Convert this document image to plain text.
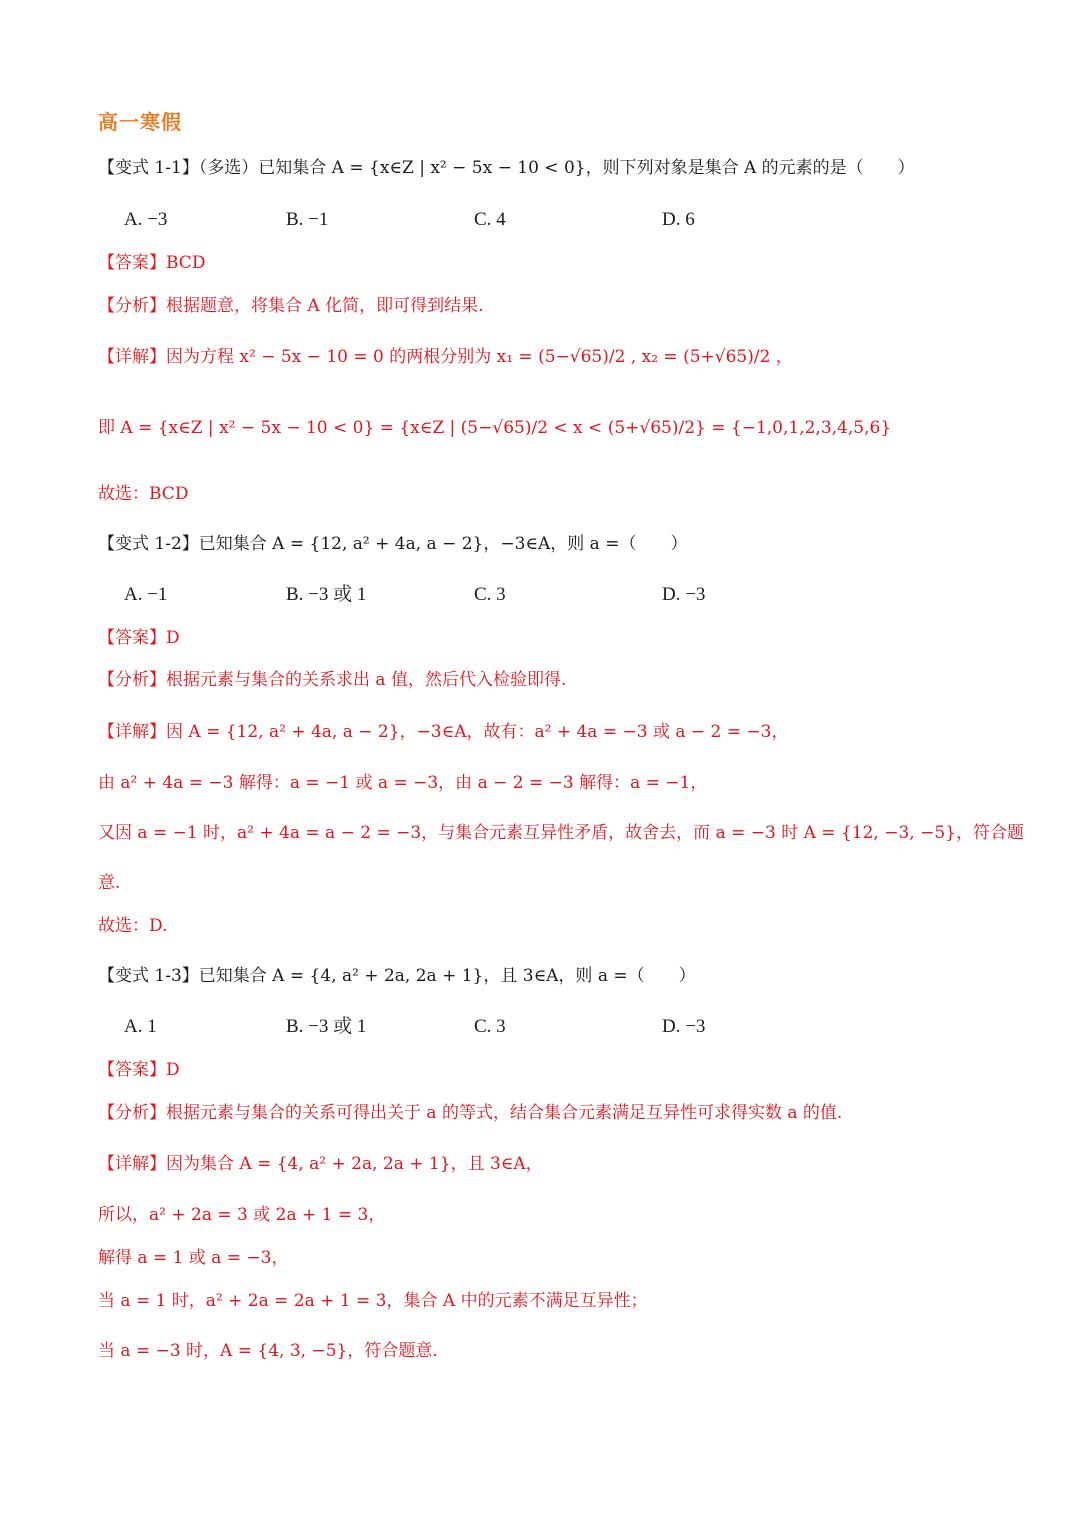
高一寒假
【变式 1-1】（多选）已知集合 A = {x∈Z | x² − 5x − 10 < 0}，则下列对象是集合 A 的元素的是（　　）
A. −3	B. −1	C. 4	D. 6
【答案】BCD
【分析】根据题意，将集合 A 化简，即可得到结果.
【详解】因为方程 x² − 5x − 10 = 0 的两根分别为 x₁ = (5−√65)/2 , x₂ = (5+√65)/2 ，
即 A = {x∈Z | x² − 5x − 10 < 0} = {x∈Z | (5−√65)/2 < x < (5+√65)/2} = {−1,0,1,2,3,4,5,6}
故选：BCD
【变式 1-2】已知集合 A = {12, a² + 4a, a − 2}，−3∈A，则 a =（　　）
A. −1	B. −3 或 1	C. 3	D. −3
【答案】D
【分析】根据元素与集合的关系求出 a 值，然后代入检验即得.
【详解】因 A = {12, a² + 4a, a − 2}，−3∈A，故有：a² + 4a = −3 或 a − 2 = −3，
由 a² + 4a = −3 解得：a = −1 或 a = −3，由 a − 2 = −3 解得：a = −1，
又因 a = −1 时，a² + 4a = a − 2 = −3，与集合元素互异性矛盾，故舍去，而 a = −3 时 A = {12, −3, −5}，符合题
意.
故选：D.
【变式 1-3】已知集合 A = {4, a² + 2a, 2a + 1}，且 3∈A，则 a =（　　）
A. 1	B. −3 或 1	C. 3	D. −3
【答案】D
【分析】根据元素与集合的关系可得出关于 a 的等式，结合集合元素满足互异性可求得实数 a 的值.
【详解】因为集合 A = {4, a² + 2a, 2a + 1}，且 3∈A，
所以，a² + 2a = 3 或 2a + 1 = 3，
解得 a = 1 或 a = −3，
当 a = 1 时，a² + 2a = 2a + 1 = 3，集合 A 中的元素不满足互异性；
当 a = −3 时，A = {4, 3, −5}，符合题意.
